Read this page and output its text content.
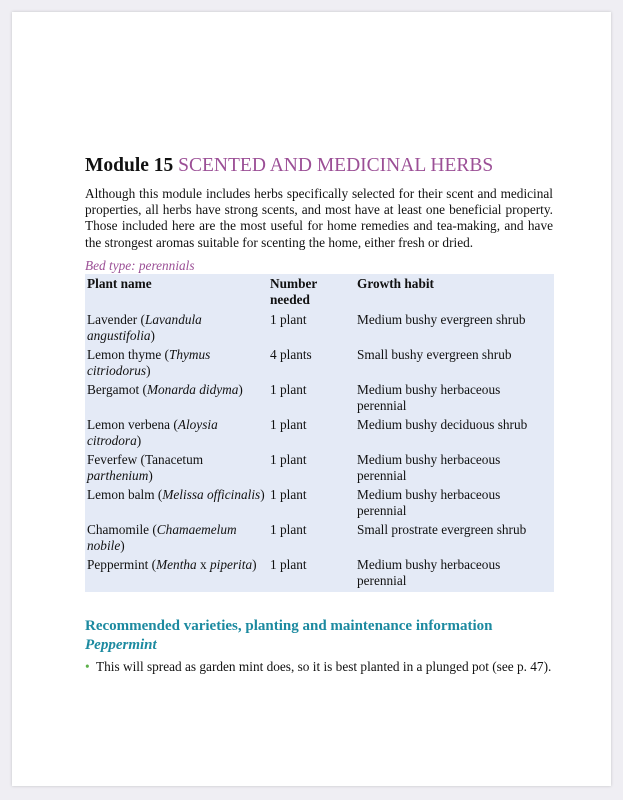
Module 15 SCENTED AND MEDICINAL HERBS

Although this module includes herbs specifically selected for their scent and medicinal properties, all herbs have strong scents, and most have at least one beneficial property. Those included here are the most useful for home remedies and tea-making, and have the strongest aromas suitable for scenting the home, either fresh or dried.

Bed type: perennials

Plant name	Number needed	Growth habit
Lavender (Lavandula angustifolia)	1 plant	Medium bushy evergreen shrub
Lemon thyme (Thymus citriodorus)	4 plants	Small bushy evergreen shrub
Bergamot (Monarda didyma)	1 plant	Medium bushy herbaceous perennial
Lemon verbena (Aloysia citrodora)	1 plant	Medium bushy deciduous shrub
Feverfew (Tanacetum parthenium)	1 plant	Medium bushy herbaceous perennial
Lemon balm (Melissa officinalis)	1 plant	Medium bushy herbaceous perennial
Chamomile (Chamaemelum nobile)	1 plant	Small prostrate evergreen shrub
Peppermint (Mentha x piperita)	1 plant	Medium bushy herbaceous perennial
Recommended varieties, planting and maintenance information
Peppermint
• This will spread as garden mint does, so it is best planted in a plunged pot (see p. 47).
